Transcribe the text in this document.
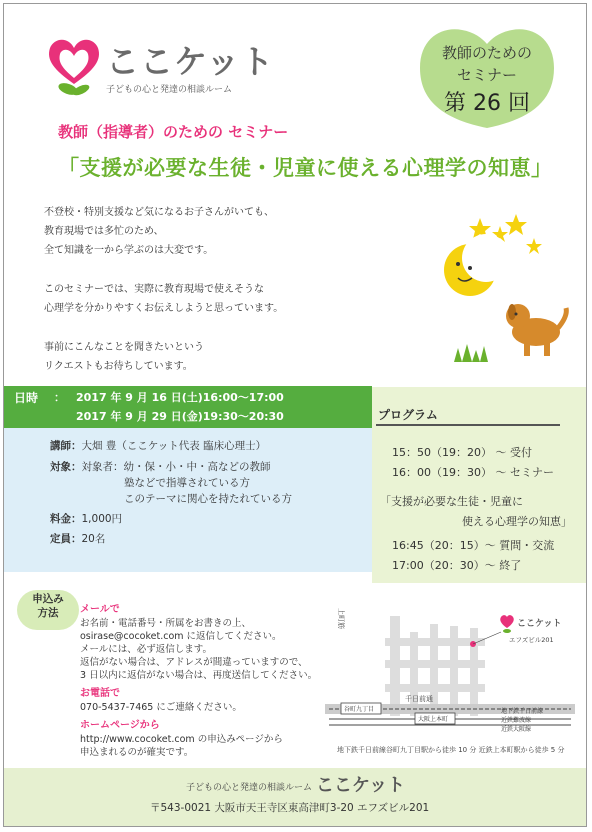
ここケット
子どもの心と発達の相談ルーム
教師のための
セミナー
第 26 回
教師（指導者）のための セミナー
「支援が必要な生徒・児童に使える心理学の知恵」
不登校・特別支援など気になるお子さんがいても、
教育現場では多忙のため、
全て知識を一から学ぶのは大変です。
このセミナーでは、実際に教育現場で使えそうな
心理学を分かりやすくお伝えしようと思っています。
事前にこんなことを聞きたいという
リクエストもお待ちしています。
日時 ： 2017 年 9 月 16 日(土)16:00～17:00
2017 年 9 月 29 日(金)19:30～20:30
講師：大畑 豊（ここケット代表 臨床心理士）
対象：対象者：幼・保・小・中・高などの教師
塾などで指導されている方
このテーマに関心を持たれている方
料金：1,000円
定員：20名
プログラム
15：50（19：20） ～ 受付
16：00（19：30） ～ セミナー
「支援が必要な生徒・児童に
使える心理学の知恵」
16:45（20：15）～ 質問・交流
17:00（20：30）～ 終了
申込み
方法	メールで
お名前・電話番号・所属をお書きの上、
osirase@cocoket.com に返信してください。
メールには、必ず返信します。
返信がない場合は、アドレスが間違っていますので、
3 日以内に返信がない場合は、再度送信してください。
お電話で
070-5437-7465 にご連絡ください。
ホームページから
http://www.cocoket.com の申込みページから
申込まれるのが確実です。
上町筋	ここケット
エフズビル201
千日前通
地下鉄千日前線
近鉄難波線
近鉄大阪線
谷町九丁目
大阪上本町
地下鉄千日前線谷町九丁目駅から徒歩 10 分 近鉄上本町駅から徒歩 5 分
子どもの心と発達の相談ルーム ここケット
〒543-0021 大阪市天王寺区東高津町3-20 エフズビル201
